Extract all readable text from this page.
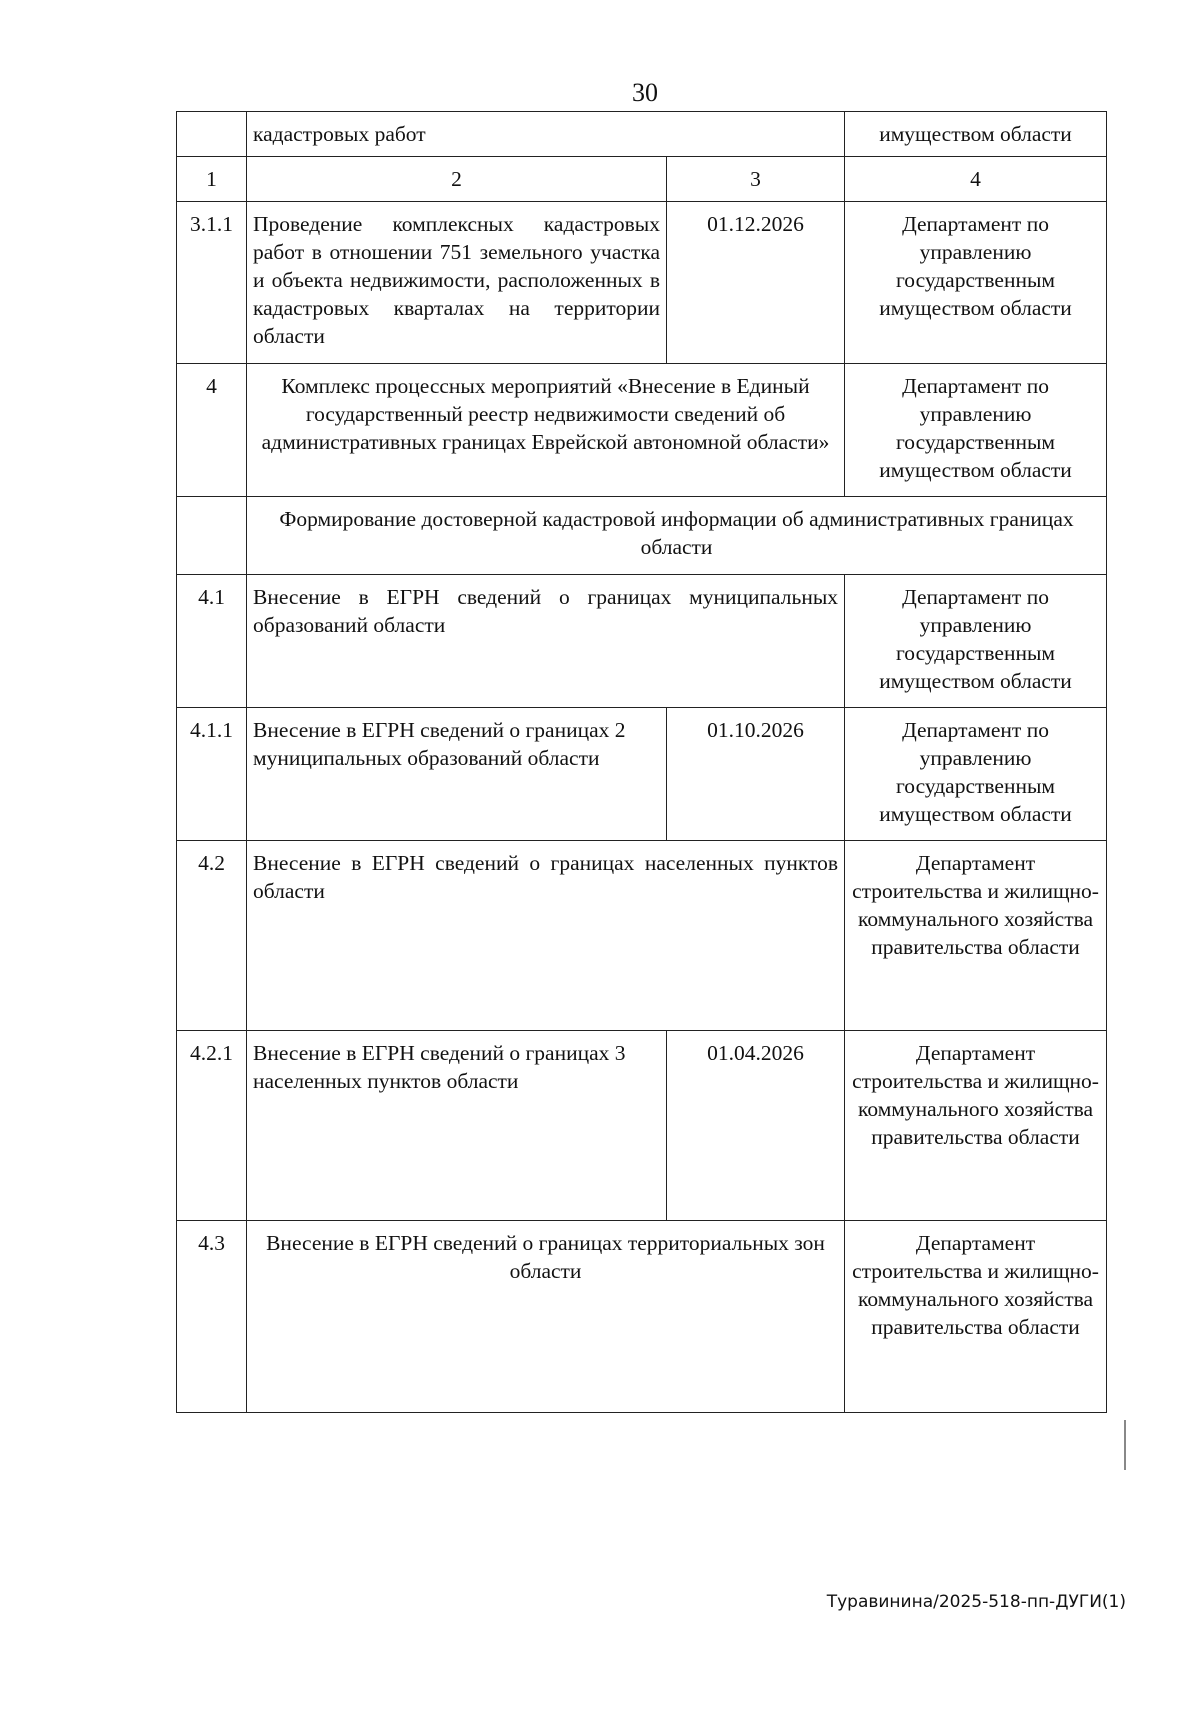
30
	кадастровых работ		имуществом области
1	2	3	4
3.1.1	Проведение комплексных кадастровых работ в отношении 751 земельного участка и объекта недвижимости, расположенных в кадастровых кварталах на территории области	01.12.2026	Департамент по управлению государственным имуществом области
4	Комплекс процессных мероприятий «Внесение в Единый государственный реестр недвижимости сведений об административных границах Еврейской автономной области»		Департамент по управлению государственным имуществом области
	Формирование достоверной кадастровой информации об административных границах области		
4.1	Внесение в ЕГРН сведений о границах муниципальных образований области		Департамент по управлению государственным имуществом области
4.1.1	Внесение в ЕГРН сведений о границах 2 муниципальных образований области	01.10.2026	Департамент по управлению государственным имуществом области
4.2	Внесение в ЕГРН сведений о границах населенных пунктов области		Департамент строительства и жилищно-коммунального хозяйства правительства области
4.2.1	Внесение в ЕГРН сведений о границах 3 населенных пунктов области	01.04.2026	Департамент строительства и жилищно-коммунального хозяйства правительства области
4.3	Внесение в ЕГРН сведений о границах территориальных зон области		Департамент строительства и жилищно-коммунального хозяйства правительства области
Туравинина/2025-518-пп-ДУГИ(1)
